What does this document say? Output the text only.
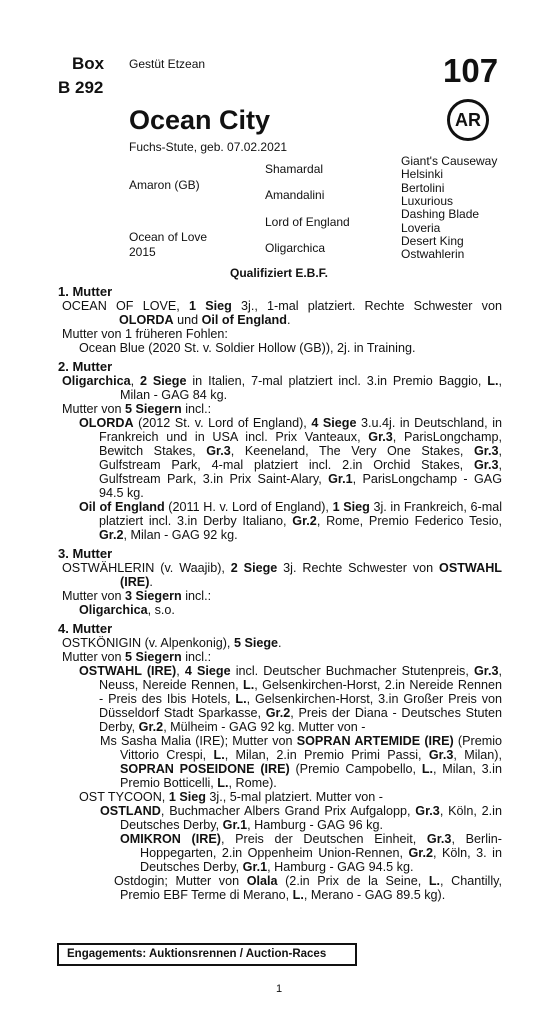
Box
B 292
Gestüt Etzean	107
AR
Ocean City
Fuchs-Stute, geb. 07.02.2021
Amaron (GB)
Ocean of Love
2015
Shamardal
Amandalini
Lord of England
Oligarchica
Giant's Causeway
Helsinki
Bertolini
Luxurious
Dashing Blade
Loveria
Desert King
Ostwahlerin
Qualifiziert E.B.F.
1. Mutter

OCEAN OF LOVE, 1 Sieg 3j., 1-mal platziert. Rechte Schwester von OLORDA und Oil of England.

Mutter von 1 früheren Fohlen:

Ocean Blue (2020 St. v. Soldier Hollow (GB)), 2j. in Training.

2. Mutter

Oligarchica, 2 Siege in Italien, 7-mal platziert incl. 3.in Premio Baggio, L., Milan - GAG 84 kg.

Mutter von 5 Siegern incl.:

OLORDA (2012 St. v. Lord of England), 4 Siege 3.u.4j. in Deutschland, in Frankreich und in USA incl. Prix Vanteaux, Gr.3, ParisLongchamp, Bewitch Stakes, Gr.3, Keeneland, The Very One Stakes, Gr.3, Gulfstream Park, 4-mal platziert incl. 2.in Orchid Stakes, Gr.3, Gulfstream Park, 3.in Prix Saint-Alary, Gr.1, ParisLongchamp - GAG 94.5 kg.

Oil of England (2011 H. v. Lord of England), 1 Sieg 3j. in Frankreich, 6-mal platziert incl. 3.in Derby Italiano, Gr.2, Rome, Premio Federico Tesio, Gr.2, Milan - GAG 92 kg.

3. Mutter

OSTWÄHLERIN (v. Waajib), 2 Siege 3j. Rechte Schwester von OSTWAHL (IRE).

Mutter von 3 Siegern incl.:

Oligarchica, s.o.

4. Mutter

OSTKÖNIGIN (v. Alpenkonig), 5 Siege.

Mutter von 5 Siegern incl.:

OSTWAHL (IRE), 4 Siege incl. Deutscher Buchmacher Stutenpreis, Gr.3, Neuss, Nereide Rennen, L., Gelsenkirchen-Horst, 2.in Nereide Rennen - Preis des Ibis Hotels, L., Gelsenkirchen-Horst, 3.in Großer Preis von Düsseldorf Stadt Sparkasse, Gr.2, Preis der Diana - Deutsches Stuten Derby, Gr.2, Mülheim - GAG 92 kg. Mutter von -

Ms Sasha Malia (IRE); Mutter von SOPRAN ARTEMIDE (IRE) (Premio Vittorio Crespi, L., Milan, 2.in Premio Primi Passi, Gr.3, Milan), SOPRAN POSEIDONE (IRE) (Premio Campobello, L., Milan, 3.in Premio Botticelli, L., Rome).

OST TYCOON, 1 Sieg 3j., 5-mal platziert. Mutter von -

OSTLAND, Buchmacher Albers Grand Prix Aufgalopp, Gr.3, Köln, 2.in Deutsches Derby, Gr.1, Hamburg - GAG 96 kg.

OMIKRON (IRE), Preis der Deutschen Einheit, Gr.3, Berlin-Hoppegarten, 2.in Oppenheim Union-Rennen, Gr.2, Köln, 3. in Deutsches Derby, Gr.1, Hamburg - GAG 94.5 kg.

Ostdogin; Mutter von Olala (2.in Prix de la Seine, L., Chantilly, Premio EBF Terme di Merano, L., Merano - GAG 89.5 kg).

Engagements: Auktionsrennen / Auction-Races
1
